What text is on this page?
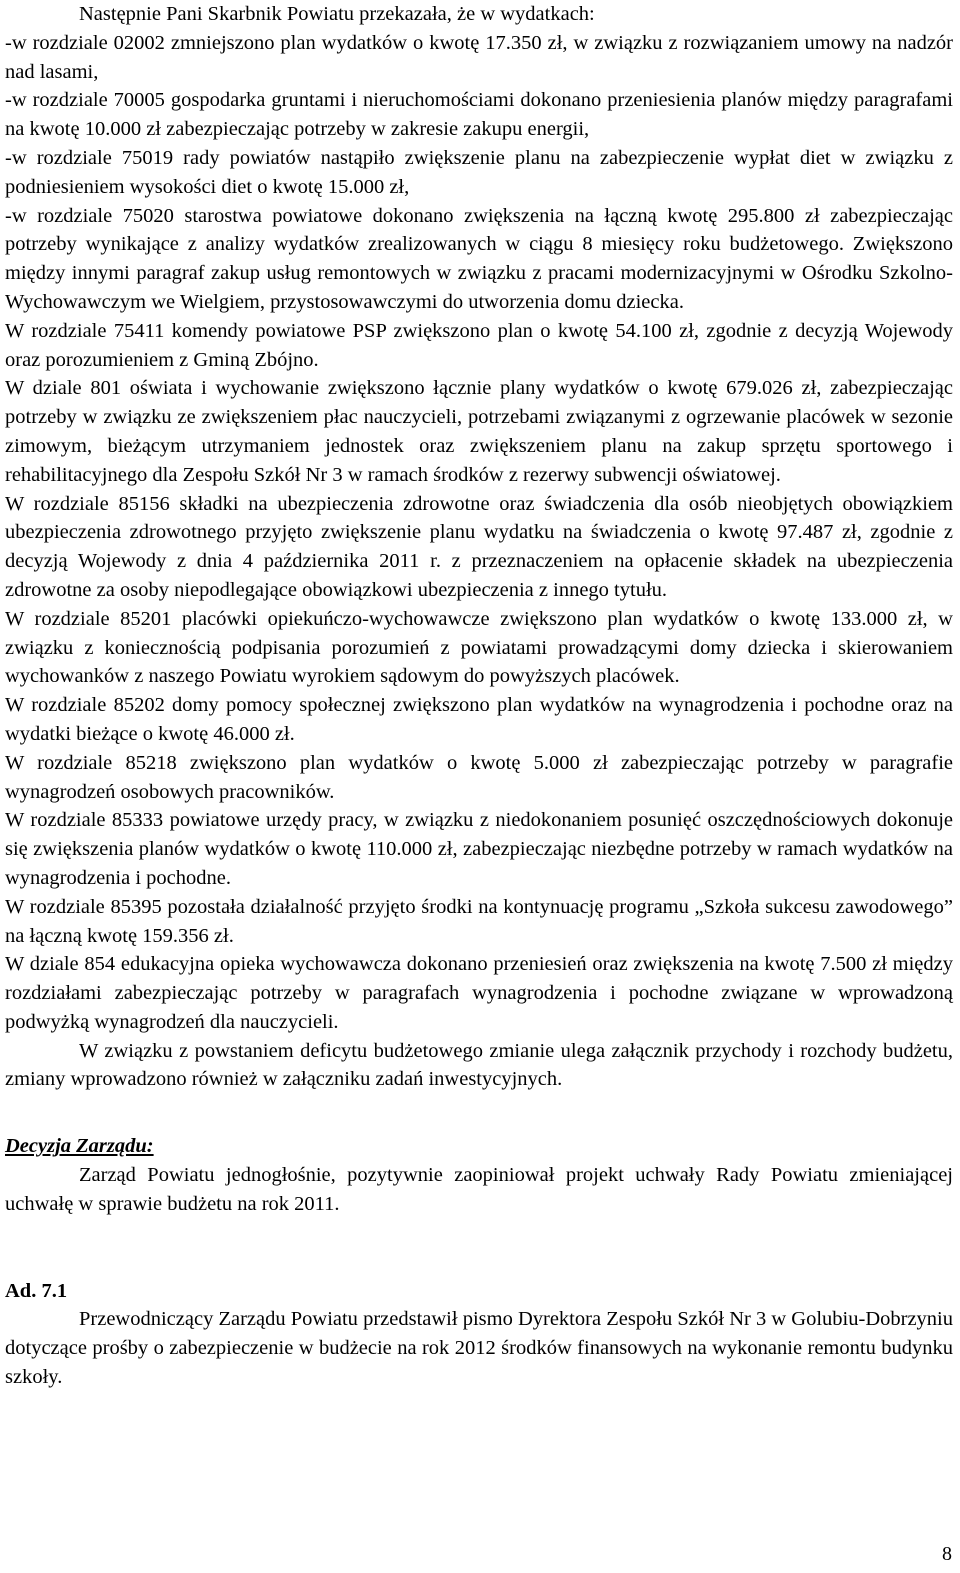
Następnie Pani Skarbnik Powiatu przekazała, że w wydatkach:

-w rozdziale 02002 zmniejszono plan wydatków o kwotę 17.350 zł, w związku z rozwiązaniem umowy na nadzór nad lasami,

-w rozdziale 70005 gospodarka gruntami i nieruchomościami dokonano przeniesienia planów między paragrafami na kwotę 10.000 zł zabezpieczając potrzeby w zakresie zakupu energii,

-w rozdziale 75019 rady powiatów nastąpiło zwiększenie planu na zabezpieczenie wypłat diet w związku z podniesieniem wysokości diet o kwotę 15.000 zł,

-w rozdziale 75020 starostwa powiatowe dokonano zwiększenia na łączną kwotę 295.800 zł zabezpieczając potrzeby wynikające z analizy wydatków zrealizowanych w ciągu 8 miesięcy roku budżetowego. Zwiększono między innymi paragraf zakup usług remontowych w związku z pracami modernizacyjnymi w Ośrodku Szkolno-Wychowawczym we Wielgiem, przystosowawczymi do utworzenia domu dziecka.

W rozdziale 75411 komendy powiatowe PSP zwiększono plan o kwotę 54.100 zł, zgodnie z decyzją Wojewody oraz porozumieniem z Gminą Zbójno.

W dziale 801 oświata i wychowanie zwiększono łącznie plany wydatków o kwotę 679.026 zł, zabezpieczając potrzeby w związku ze zwiększeniem płac nauczycieli, potrzebami związanymi z ogrzewanie placówek w sezonie zimowym, bieżącym utrzymaniem jednostek oraz zwiększeniem planu na zakup sprzętu sportowego i rehabilitacyjnego dla Zespołu Szkół Nr 3 w ramach środków z rezerwy subwencji oświatowej.

W rozdziale 85156 składki na ubezpieczenia zdrowotne oraz świadczenia dla osób nieobjętych obowiązkiem ubezpieczenia zdrowotnego przyjęto zwiększenie planu wydatku na świadczenia o kwotę 97.487 zł, zgodnie z decyzją Wojewody z dnia 4 października 2011 r. z przeznaczeniem na opłacenie składek na ubezpieczenia zdrowotne za osoby niepodlegające obowiązkowi ubezpieczenia z innego tytułu.

W rozdziale 85201 placówki opiekuńczo-wychowawcze zwiększono plan wydatków o kwotę 133.000 zł, w związku z koniecznością podpisania porozumień z powiatami prowadzącymi domy dziecka i skierowaniem wychowanków z naszego Powiatu wyrokiem sądowym do powyższych placówek.

W rozdziale 85202 domy pomocy społecznej zwiększono plan wydatków na wynagrodzenia i pochodne oraz na wydatki bieżące o kwotę 46.000 zł.

W rozdziale 85218 zwiększono plan wydatków o kwotę 5.000 zł zabezpieczając potrzeby w paragrafie wynagrodzeń osobowych pracowników.

W rozdziale 85333 powiatowe urzędy pracy, w związku z niedokonaniem posunięć oszczędnościowych dokonuje się zwiększenia planów wydatków o kwotę 110.000 zł, zabezpieczając niezbędne potrzeby w ramach wydatków na wynagrodzenia i pochodne.

W rozdziale 85395 pozostała działalność przyjęto środki na kontynuację programu „Szkoła sukcesu zawodowego” na łączną kwotę 159.356 zł.

W dziale 854 edukacyjna opieka wychowawcza dokonano przeniesień oraz zwiększenia na kwotę 7.500 zł między rozdziałami zabezpieczając potrzeby w paragrafach wynagrodzenia i pochodne związane w wprowadzoną podwyżką wynagrodzeń dla nauczycieli.

W związku z powstaniem deficytu budżetowego zmianie ulega załącznik przychody i rozchody budżetu, zmiany wprowadzono również w załączniku zadań inwestycyjnych.

Decyzja Zarządu:

Zarząd Powiatu jednogłośnie, pozytywnie zaopiniował projekt uchwały Rady Powiatu zmieniającej uchwałę w sprawie budżetu na rok 2011.

Ad. 7.1

Przewodniczący Zarządu Powiatu przedstawił pismo Dyrektora Zespołu Szkół Nr 3 w Golubiu-Dobrzyniu dotyczące prośby o zabezpieczenie w budżecie na rok 2012 środków finansowych na wykonanie remontu budynku szkoły.

8
